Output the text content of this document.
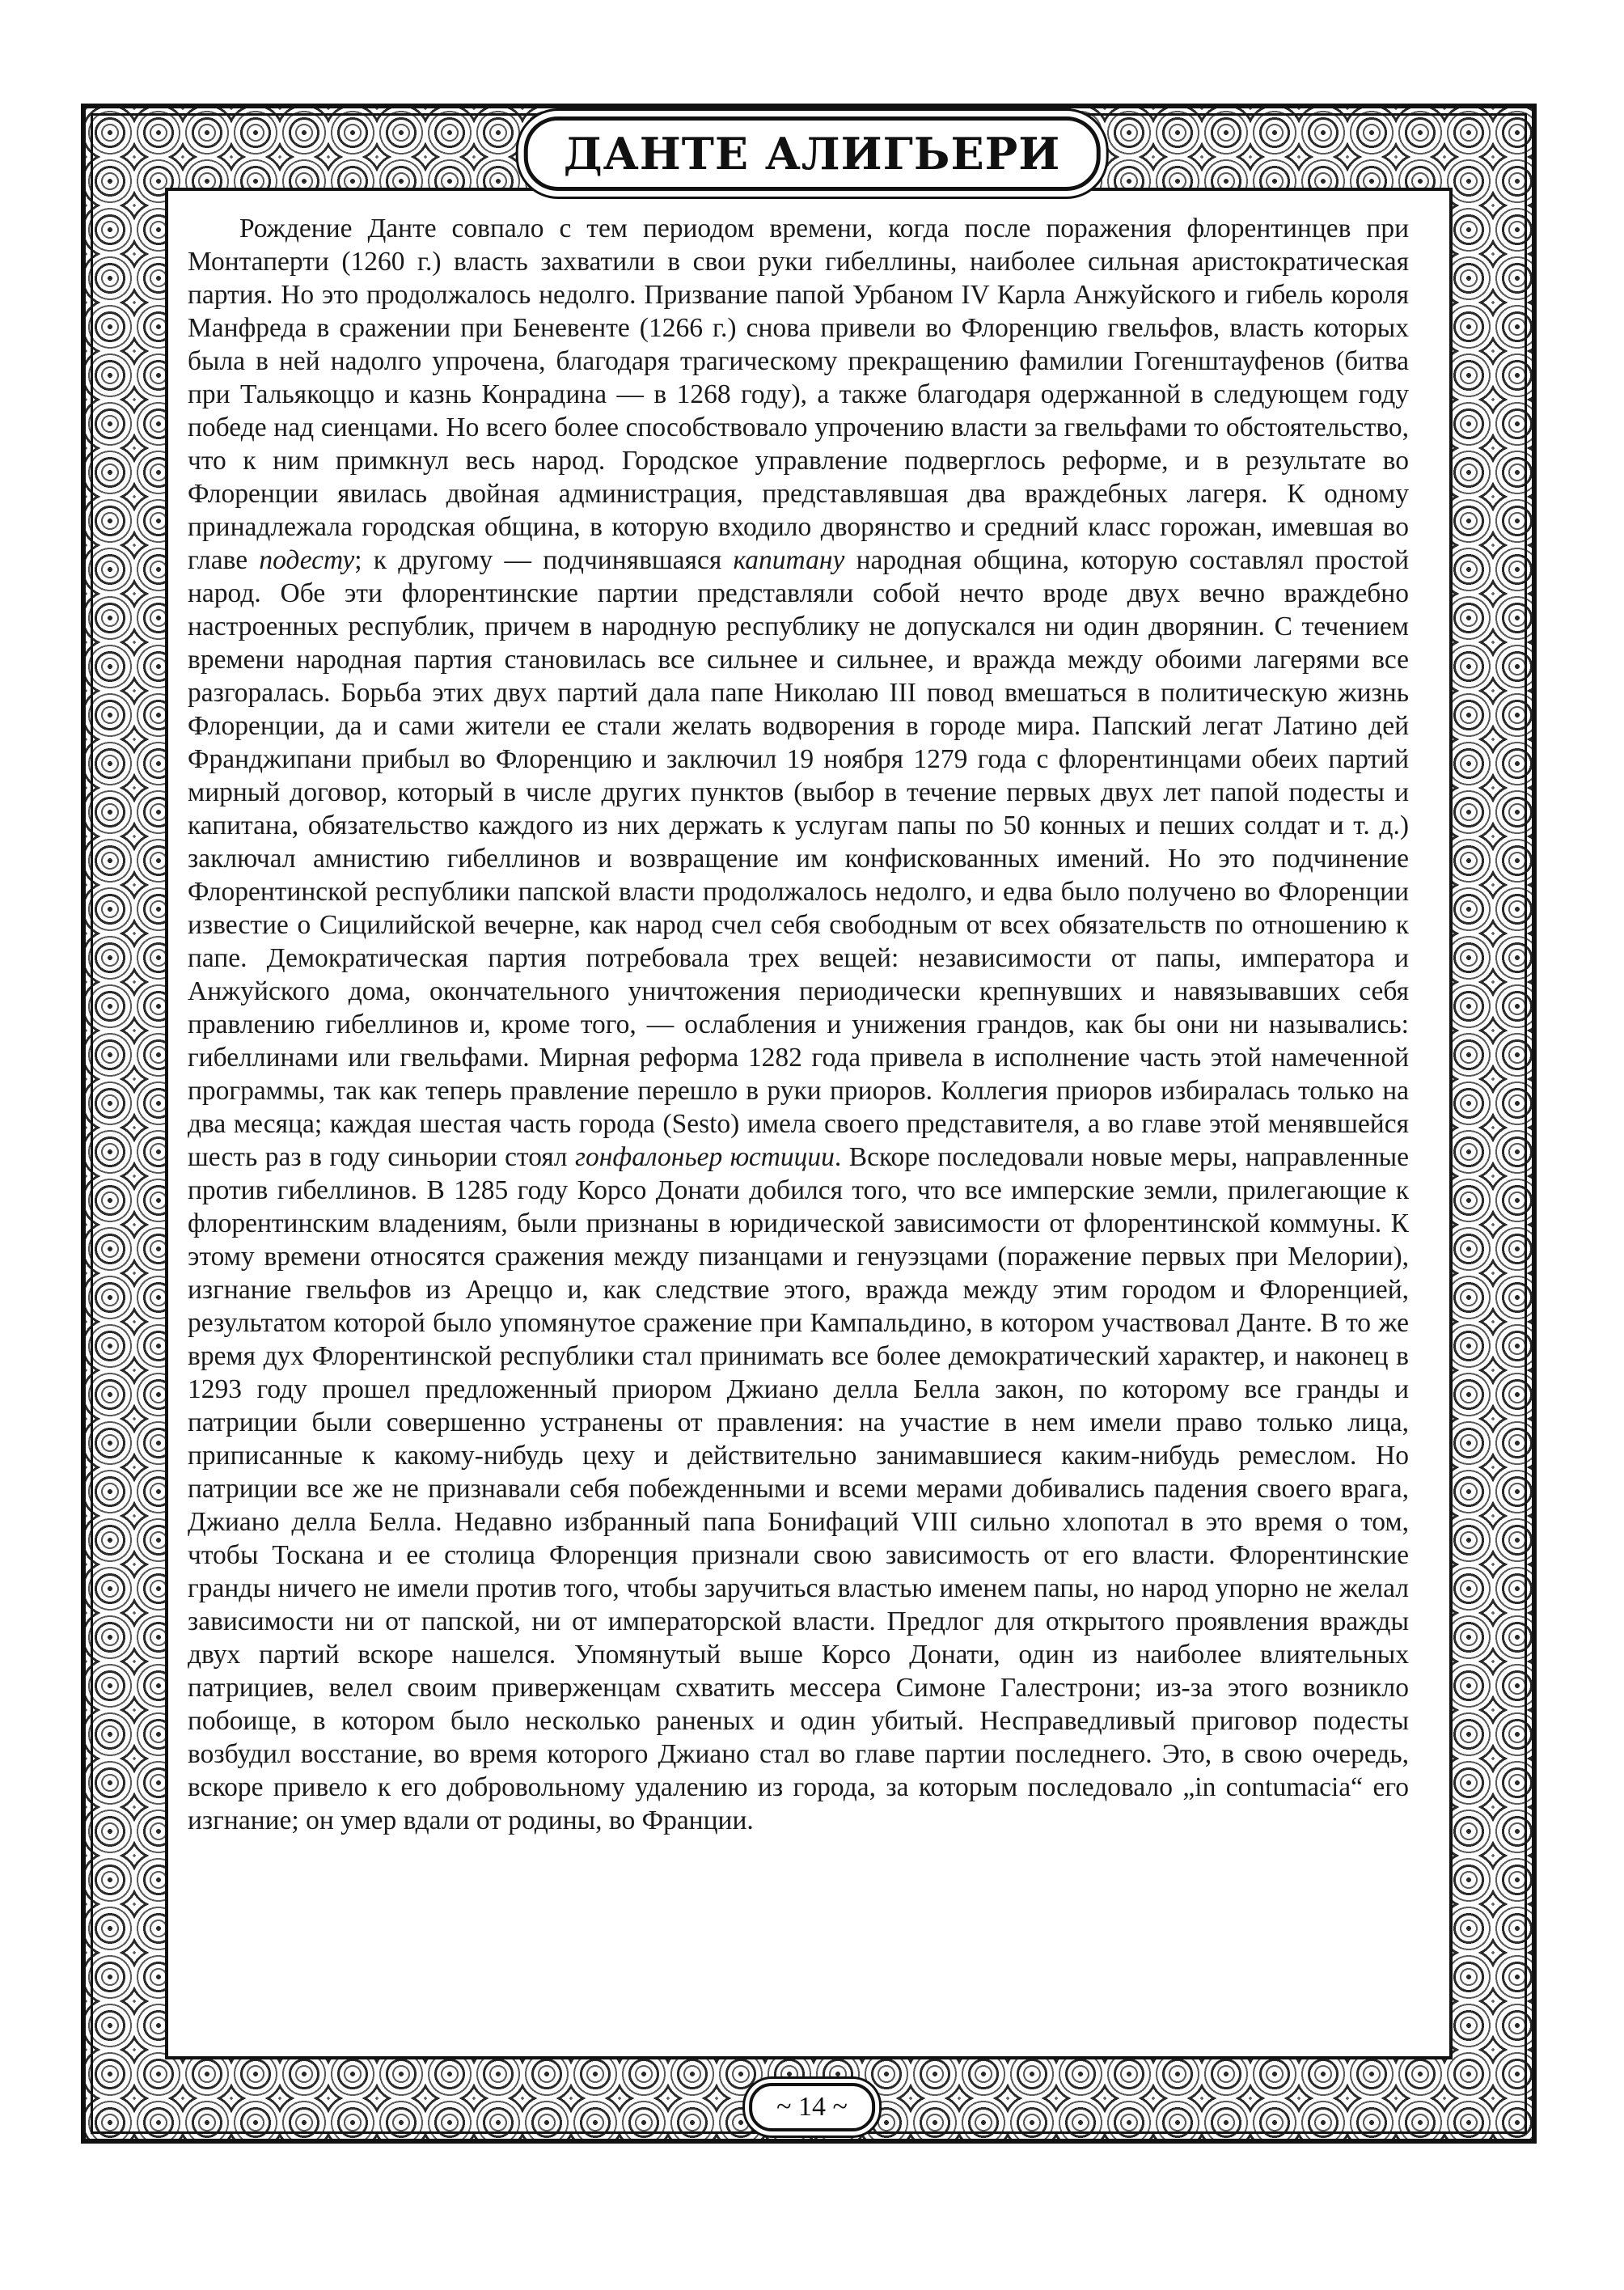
ДАНТЕ АЛИГЬЕРИ

Рождение Данте совпало с тем периодом времени, когда после поражения флорентинцев при Монтаперти (1260 г.) власть захватили в свои руки гибеллины, наиболее сильная аристократическая партия. Но это продолжалось недолго. Призвание папой Урбаном IV Карла Анжуйского и гибель короля Манфреда в сражении при Беневенте (1266 г.) снова привели во Флоренцию гвельфов, власть которых была в ней надолго упрочена, благодаря трагическому прекращению фамилии Гогенштауфенов (битва при Тальякоццо и казнь Конрадина — в 1268 году), а также благодаря одержанной в следующем году победе над сиенцами. Но всего более способствовало упрочению власти за гвельфами то обстоятельство, что к ним примкнул весь народ. Городское управление подверглось реформе, и в результате во Флоренции явилась двойная администрация, представлявшая два враждебных лагеря. К одному принадлежала городская община, в которую входило дворянство и средний класс горожан, имевшая во главе подесту; к другому — подчинявшаяся капитану народная община, которую составлял простой народ. Обе эти флорентинские партии представляли собой нечто вроде двух вечно враждебно настроенных республик, причем в народную республику не допускался ни один дворянин. С течением времени народная партия становилась все сильнее и сильнее, и вражда между обоими лагерями все разгоралась. Борьба этих двух партий дала папе Николаю III повод вмешаться в политическую жизнь Флоренции, да и сами жители ее стали желать водворения в городе мира. Папский легат Латино дей Франджипани прибыл во Флоренцию и заключил 19 ноября 1279 года с флорентинцами обеих партий мирный договор, который в числе других пунктов (выбор в течение первых двух лет папой подесты и капитана, обязательство каждого из них держать к услугам папы по 50 конных и пеших солдат и т. д.) заключал амнистию гибеллинов и возвращение им конфискованных имений. Но это подчинение Флорентинской республики папской власти продолжалось недолго, и едва было получено во Флоренции известие о Сицилийской вечерне, как народ счел себя свободным от всех обязательств по отношению к папе. Демократическая партия потребовала трех вещей: независимости от папы, императора и Анжуйского дома, окончательного уничтожения периодически крепнувших и навязывавших себя правлению гибеллинов и, кроме того, — ослабления и унижения грандов, как бы они ни назывались: гибеллинами или гвельфами. Мирная реформа 1282 года привела в исполнение часть этой намеченной программы, так как теперь правление перешло в руки приоров. Коллегия приоров избиралась только на два месяца; каждая шестая часть города (Sesto) имела своего представителя, а во главе этой менявшейся шесть раз в году синьории стоял гонфалоньер юстиции. Вскоре последовали новые меры, направленные против гибеллинов. В 1285 году Корсо Донати добился того, что все имперские земли, прилегающие к флорентинским владениям, были признаны в юридической зависимости от флорентинской коммуны. К этому времени относятся сражения между пизанцами и генуэзцами (поражение первых при Мелории), изгнание гвельфов из Ареццо и, как следствие этого, вражда между этим городом и Флоренцией, результатом которой было упомянутое сражение при Кампальдино, в котором участвовал Данте. В то же время дух Флорентинской республики стал принимать все более демократический характер, и наконец в 1293 году прошел предложенный приором Джиано делла Белла закон, по которому все гранды и патриции были совершенно устранены от правления: на участие в нем имели право только лица, приписанные к какому-нибудь цеху и действительно занимавшиеся каким-нибудь ремеслом. Но патриции все же не признавали себя побежденными и всеми мерами добивались падения своего врага, Джиано делла Белла. Недавно избранный папа Бонифаций VIII сильно хлопотал в это время о том, чтобы Тоскана и ее столица Флоренция признали свою зависимость от его власти. Флорентинские гранды ничего не имели против того, чтобы заручиться властью именем папы, но народ упорно не желал зависимости ни от папской, ни от императорской власти. Предлог для открытого проявления вражды двух партий вскоре нашелся. Упомянутый выше Корсо Донати, один из наиболее влиятельных патрициев, велел своим приверженцам схватить мессера Симоне Галестрони; из-за этого возникло побоище, в котором было несколько раненых и один убитый. Несправедливый приговор подесты возбудил восстание, во время которого Джиано стал во главе партии последнего. Это, в свою очередь, вскоре привело к его добровольному удалению из города, за которым последовало „in contumacia“ его изгнание; он умер вдали от родины, во Франции.

~ 14 ~
